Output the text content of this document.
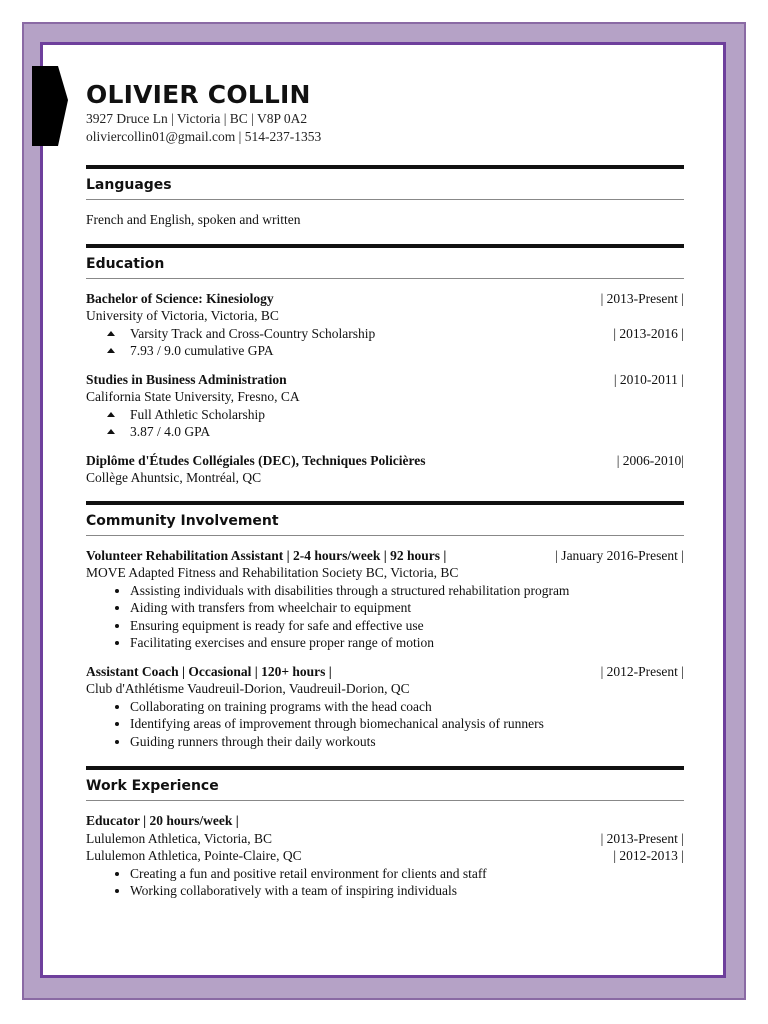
OLIVIER COLLIN
3927 Druce Ln | Victoria | BC | V8P 0A2
oliviercollin01@gmail.com | 514-237-1353
Languages
French and English, spoken and written
Education
Bachelor of Science: Kinesiology	| 2013-Present |
University of Victoria, Victoria, BC
Varsity Track and Cross-Country Scholarship	| 2013-2016 |
7.93 / 9.0 cumulative GPA
Studies in Business Administration	| 2010-2011 |
California State University, Fresno, CA
Full Athletic Scholarship
3.87 / 4.0 GPA
Diplôme d'Études Collégiales (DEC), Techniques Policières	| 2006-2010|
Collège Ahuntsic, Montréal, QC
Community Involvement
Volunteer Rehabilitation Assistant | 2-4 hours/week | 92 hours |	| January 2016-Present |
MOVE Adapted Fitness and Rehabilitation Society BC, Victoria, BC
• Assisting individuals with disabilities through a structured rehabilitation program
• Aiding with transfers from wheelchair to equipment
• Ensuring equipment is ready for safe and effective use
• Facilitating exercises and ensure proper range of motion
Assistant Coach | Occasional | 120+ hours |	| 2012-Present |
Club d'Athlétisme Vaudreuil-Dorion, Vaudreuil-Dorion, QC
• Collaborating on training programs with the head coach
• Identifying areas of improvement through biomechanical analysis of runners
• Guiding runners through their daily workouts
Work Experience
Educator | 20 hours/week |
Lululemon Athletica, Victoria, BC	| 2013-Present |
Lululemon Athletica, Pointe-Claire, QC	| 2012-2013 |
• Creating a fun and positive retail environment for clients and staff
• Working collaboratively with a team of inspiring individuals
